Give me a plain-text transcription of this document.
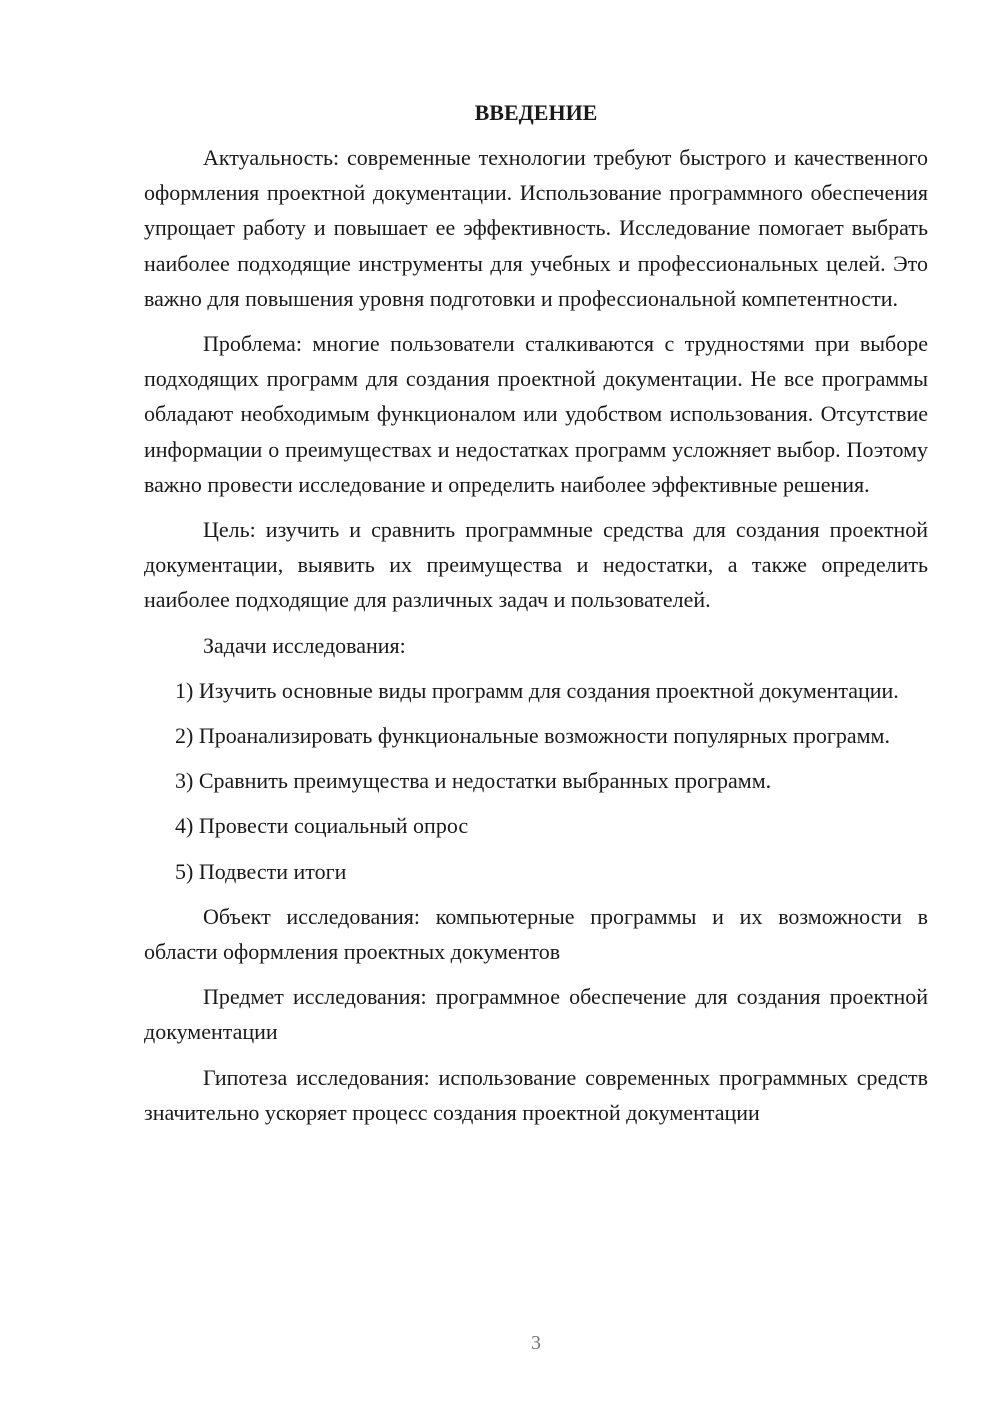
ВВЕДЕНИЕ

Актуальность: современные технологии требуют быстрого и качественного оформления проектной документации. Использование программного обеспечения упрощает работу и повышает ее эффективность. Исследование помогает выбрать наиболее подходящие инструменты для учебных и профессиональных целей. Это важно для повышения уровня подготовки и профессиональной компетентности.

Проблема: многие пользователи сталкиваются с трудностями при выборе подходящих программ для создания проектной документации. Не все программы обладают необходимым функционалом или удобством использования. Отсутствие информации о преимуществах и недостатках программ усложняет выбор. Поэтому важно провести исследование и определить наиболее эффективные решения.

Цель: изучить и сравнить программные средства для создания проектной документации, выявить их преимущества и недостатки, а также определить наиболее подходящие для различных задач и пользователей.

Задачи исследования:

1) Изучить основные виды программ для создания проектной документации.

2) Проанализировать функциональные возможности популярных программ.

3) Сравнить преимущества и недостатки выбранных программ.

4) Провести социальный опрос

5) Подвести итоги

Объект исследования: компьютерные программы и их возможности в области оформления проектных документов

Предмет исследования: программное обеспечение для создания проектной документации

Гипотеза исследования: использование современных программных средств значительно ускоряет процесс создания проектной документации

3
